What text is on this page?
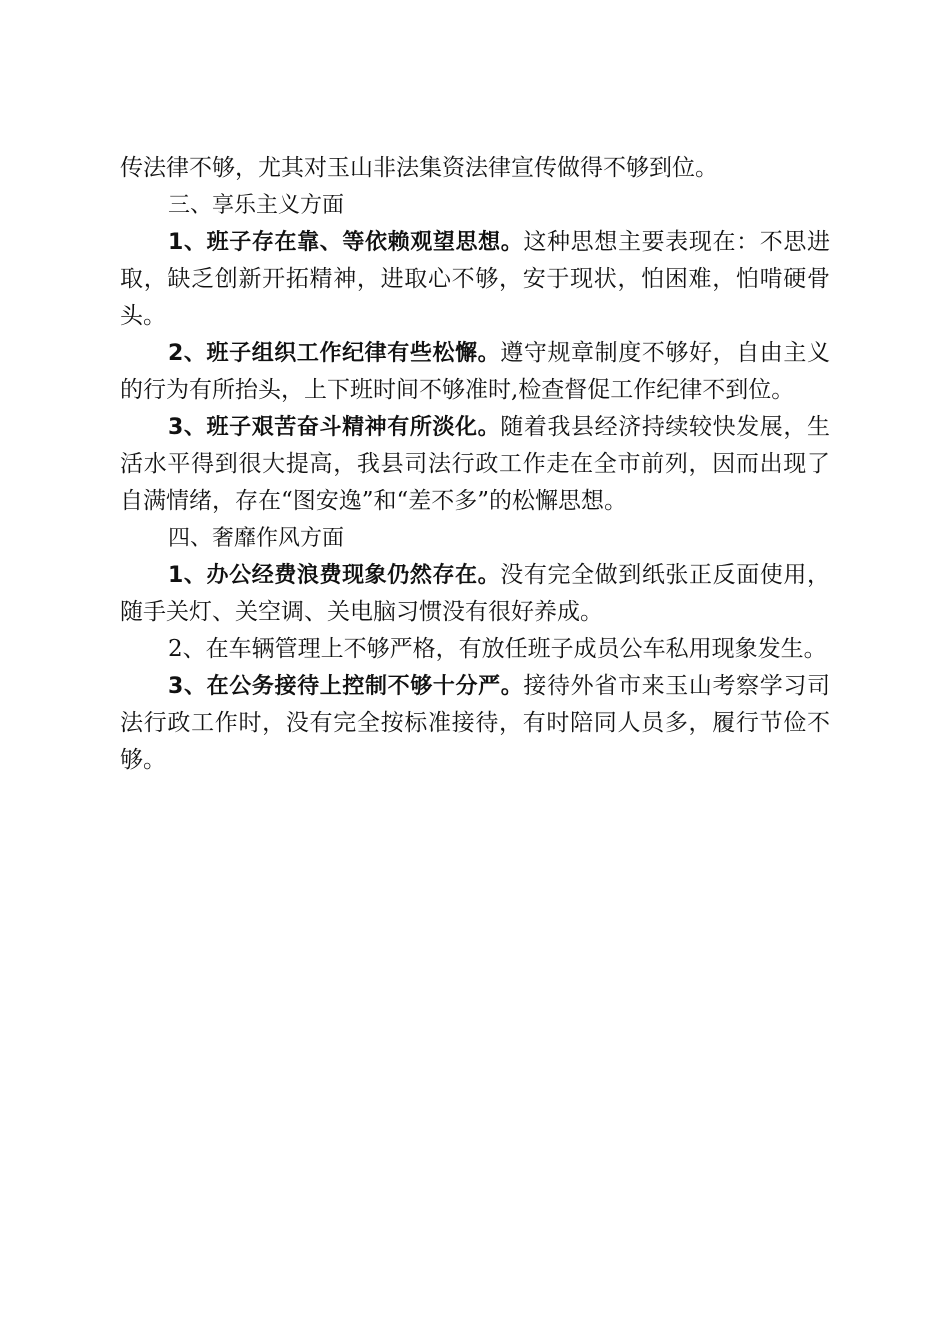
传法律不够，尤其对玉山非法集资法律宣传做得不够到位。

三、享乐主义方面

1、班子存在靠、等依赖观望思想。这种思想主要表现在：不思进取，缺乏创新开拓精神，进取心不够，安于现状，怕困难，怕啃硬骨头。

2、班子组织工作纪律有些松懈。遵守规章制度不够好，自由主义的行为有所抬头，上下班时间不够准时,检查督促工作纪律不到位。

3、班子艰苦奋斗精神有所淡化。随着我县经济持续较快发展，生活水平得到很大提高，我县司法行政工作走在全市前列，因而出现了自满情绪，存在“图安逸”和“差不多”的松懈思想。

四、奢靡作风方面

1、办公经费浪费现象仍然存在。没有完全做到纸张正反面使用，随手关灯、关空调、关电脑习惯没有很好养成。

2、在车辆管理上不够严格，有放任班子成员公车私用现象发生。

3、在公务接待上控制不够十分严。接待外省市来玉山考察学习司法行政工作时，没有完全按标准接待，有时陪同人员多，履行节俭不够。
